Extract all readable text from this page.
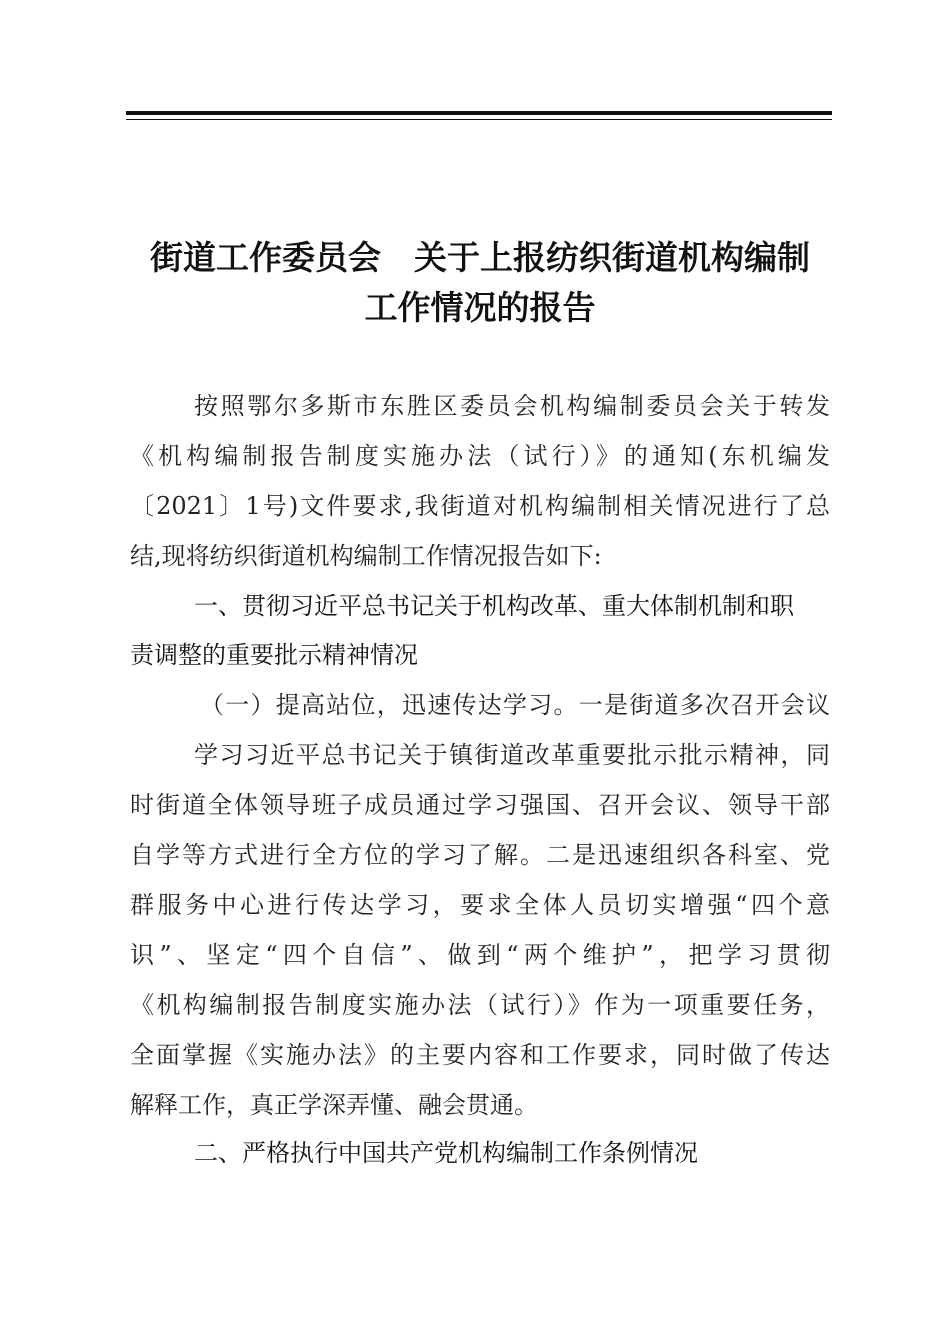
街道工作委员会　关于上报纺织街道机构编制
工作情况的报告
按照鄂尔多斯市东胜区委员会机构编制委员会关于转发
《机构编制报告制度实施办法（试行）》的通知(东机编发
〔2021〕1号)文件要求,我街道对机构编制相关情况进行了总
结,现将纺织街道机构编制工作情况报告如下:
一、贯彻习近平总书记关于机构改革、重大体制机制和职
责调整的重要批示精神情况
（一）提高站位，迅速传达学习。一是街道多次召开会议
学习习近平总书记关于镇街道改革重要批示批示精神，同
时街道全体领导班子成员通过学习强国、召开会议、领导干部
自学等方式进行全方位的学习了解。二是迅速组织各科室、党
群服务中心进行传达学习，要求全体人员切实增强“四个意
识”、坚定“四个自信”、做到“两个维护”，把学习贯彻
《机构编制报告制度实施办法（试行）》作为一项重要任务，
全面掌握《实施办法》的主要内容和工作要求，同时做了传达
解释工作，真正学深弄懂、融会贯通。
二、严格执行中国共产党机构编制工作条例情况
